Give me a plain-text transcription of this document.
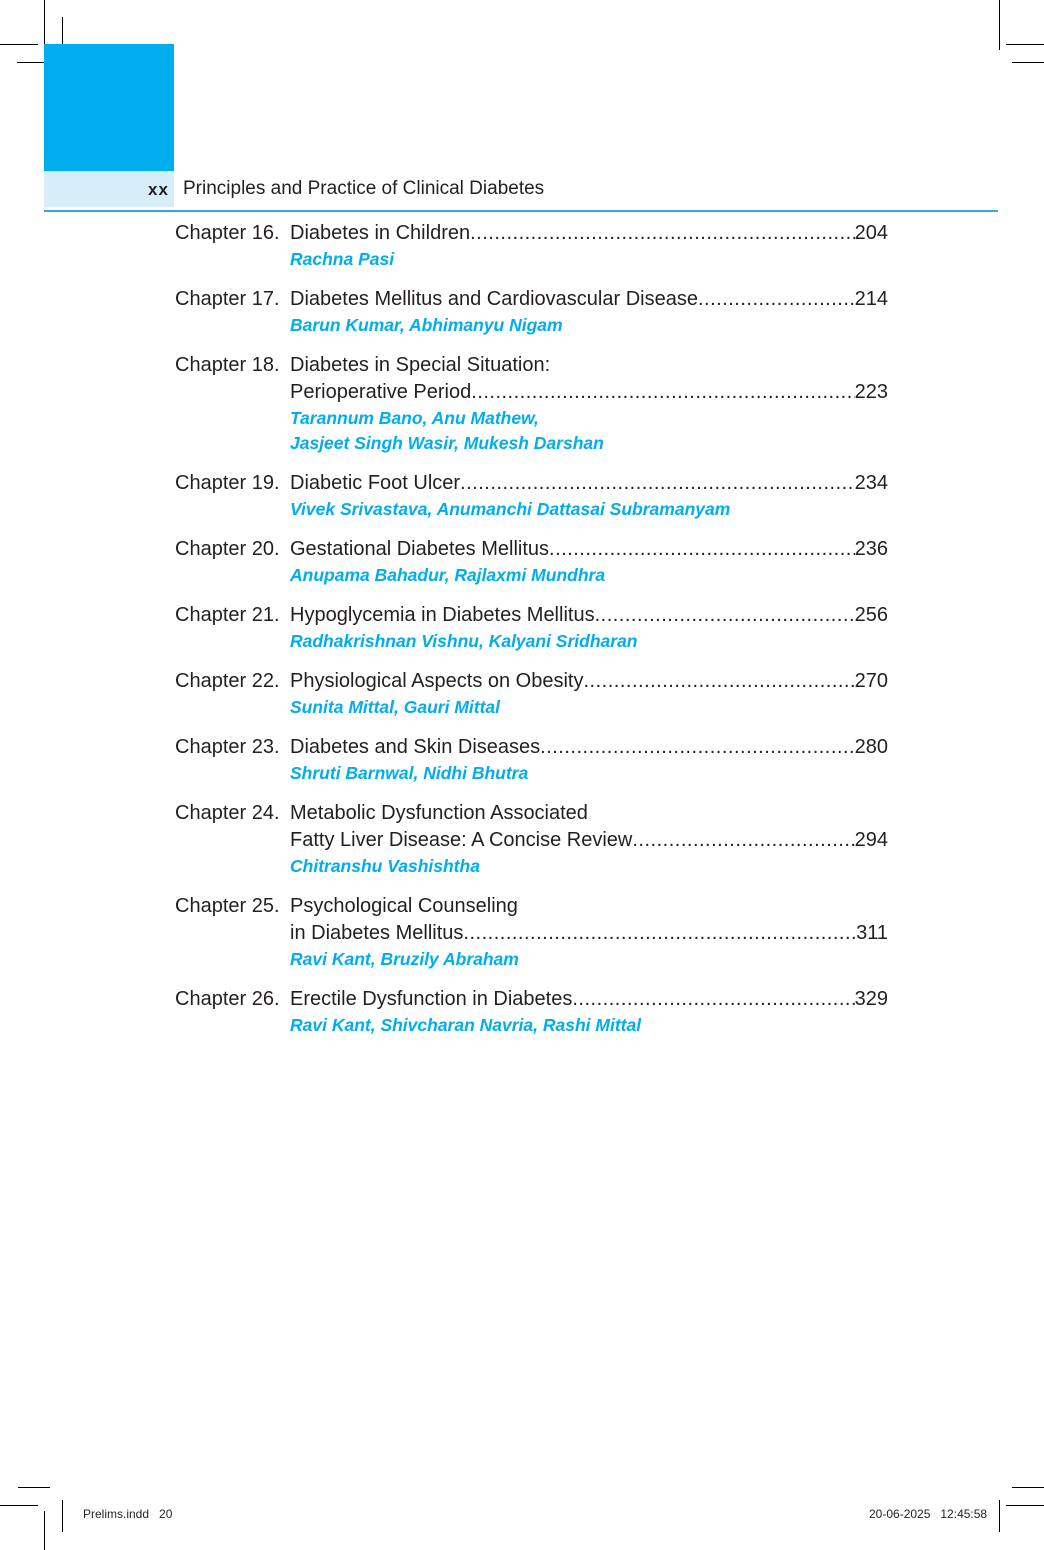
xx Principles and Practice of Clinical Diabetes
Chapter 16. Diabetes in Children .....	204
Rachna Pasi
Chapter 17. Diabetes Mellitus and Cardiovascular Disease .....	214
Barun Kumar, Abhimanyu Nigam
Chapter 18. Diabetes in Special Situation:
Perioperative Period .....	223
Tarannum Bano, Anu Mathew,
Jasjeet Singh Wasir, Mukesh Darshan
Chapter 19. Diabetic Foot Ulcer .....	234
Vivek Srivastava, Anumanchi Dattasai Subramanyam
Chapter 20. Gestational Diabetes Mellitus .....	236
Anupama Bahadur, Rajlaxmi Mundhra
Chapter 21. Hypoglycemia in Diabetes Mellitus .....	256
Radhakrishnan Vishnu, Kalyani Sridharan
Chapter 22. Physiological Aspects on Obesity .....	270
Sunita Mittal, Gauri Mittal
Chapter 23. Diabetes and Skin Diseases .....	280
Shruti Barnwal, Nidhi Bhutra
Chapter 24. Metabolic Dysfunction Associated
Fatty Liver Disease: A Concise Review .....	294
Chitranshu Vashishtha
Chapter 25. Psychological Counseling
in Diabetes Mellitus .....	311
Ravi Kant, Bruzily Abraham
Chapter 26. Erectile Dysfunction in Diabetes .....	329
Ravi Kant, Shivcharan Navria, Rashi Mittal
Prelims.indd   20	20-06-2025   12:45:58
